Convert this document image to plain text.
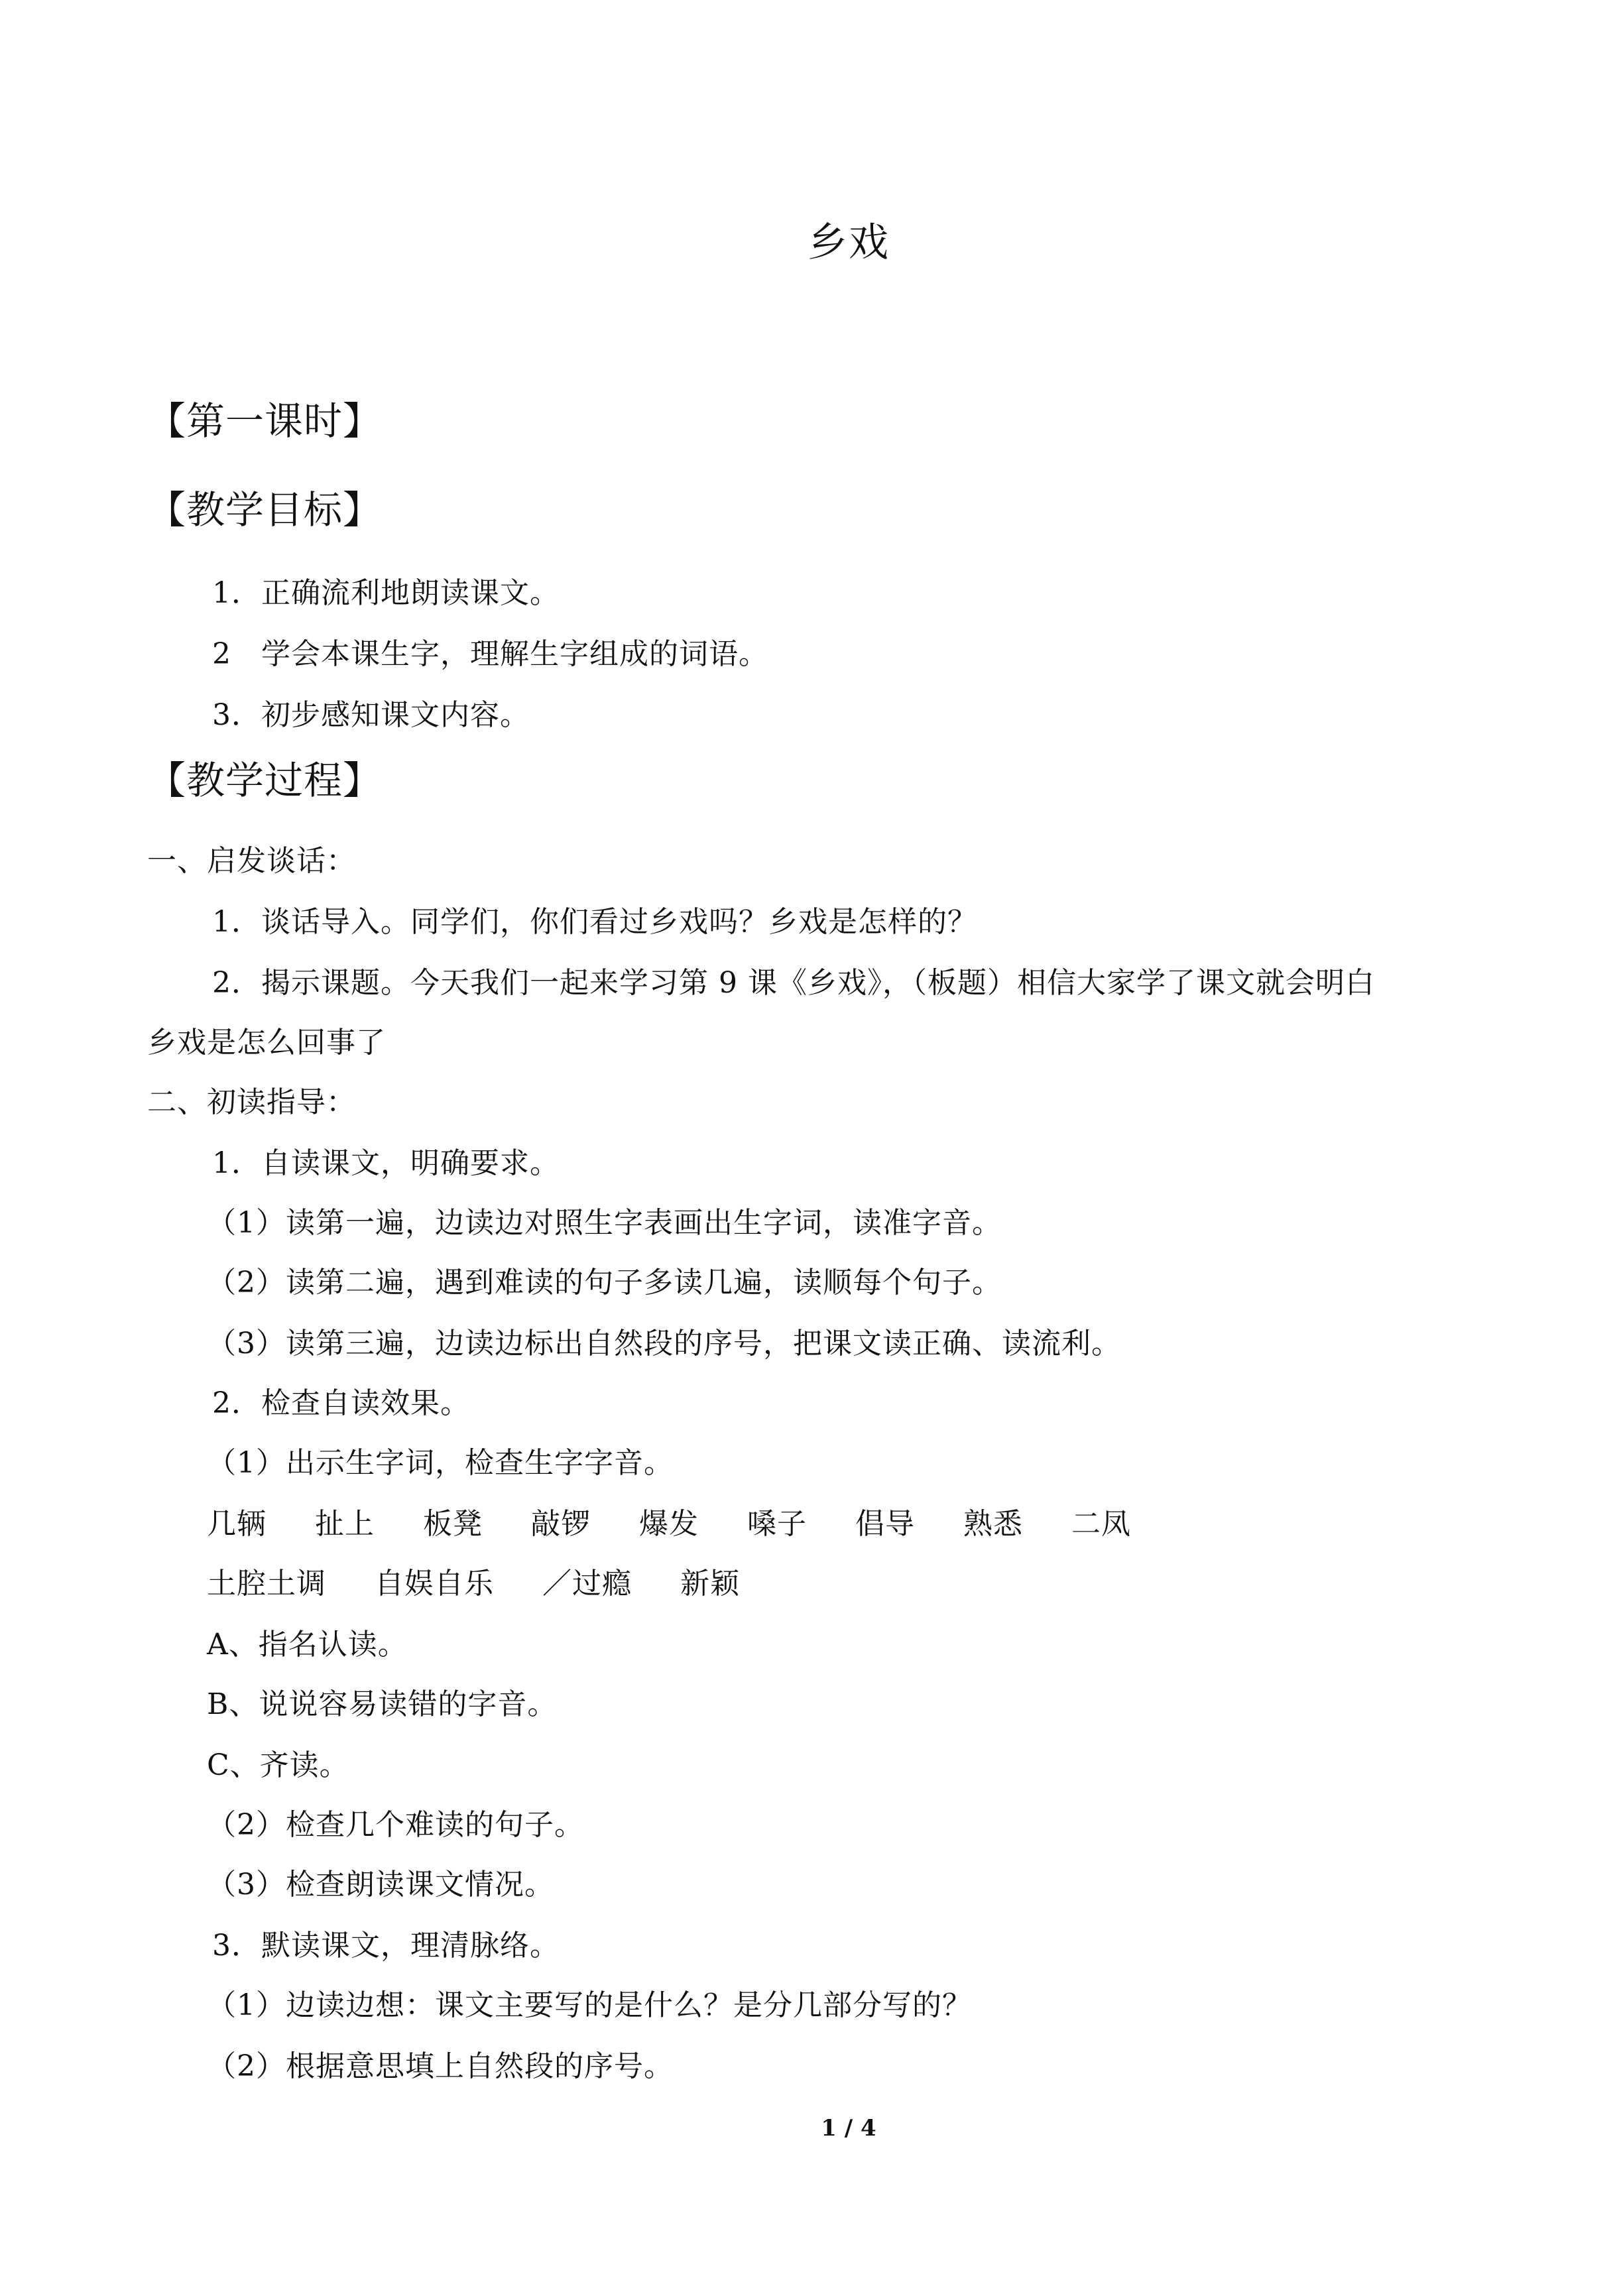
乡戏
【第一课时】
【教学目标】
1．正确流利地朗读课文。
2　学会本课生字，理解生字组成的词语。
3．初步感知课文内容。
【教学过程】
一、启发谈话：
1．谈话导入。同学们，你们看过乡戏吗？乡戏是怎样的？
2．揭示课题。今天我们一起来学习第 9 课《乡戏》，（板题）相信大家学了课文就会明白
乡戏是怎么回事了
二、初读指导：
1．自读课文，明确要求。
（1）读第一遍，边读边对照生字表画出生字词，读准字音。
（2）读第二遍，遇到难读的句子多读几遍，读顺每个句子。
（3）读第三遍，边读边标出自然段的序号，把课文读正确、读流利。
2．检查自读效果。
（1）出示生字词，检查生字字音。
几辆 扯上 板凳 敲锣 爆发 嗓子 倡导 熟悉 二凤
土腔土调 自娱自乐 ／过瘾 新颖
A、指名认读。
B、说说容易读错的字音。
C、齐读。
（2）检查几个难读的句子。
（3）检查朗读课文情况。
3．默读课文，理清脉络。
（1）边读边想：课文主要写的是什么？是分几部分写的？
（2）根据意思填上自然段的序号。
1 / 4
